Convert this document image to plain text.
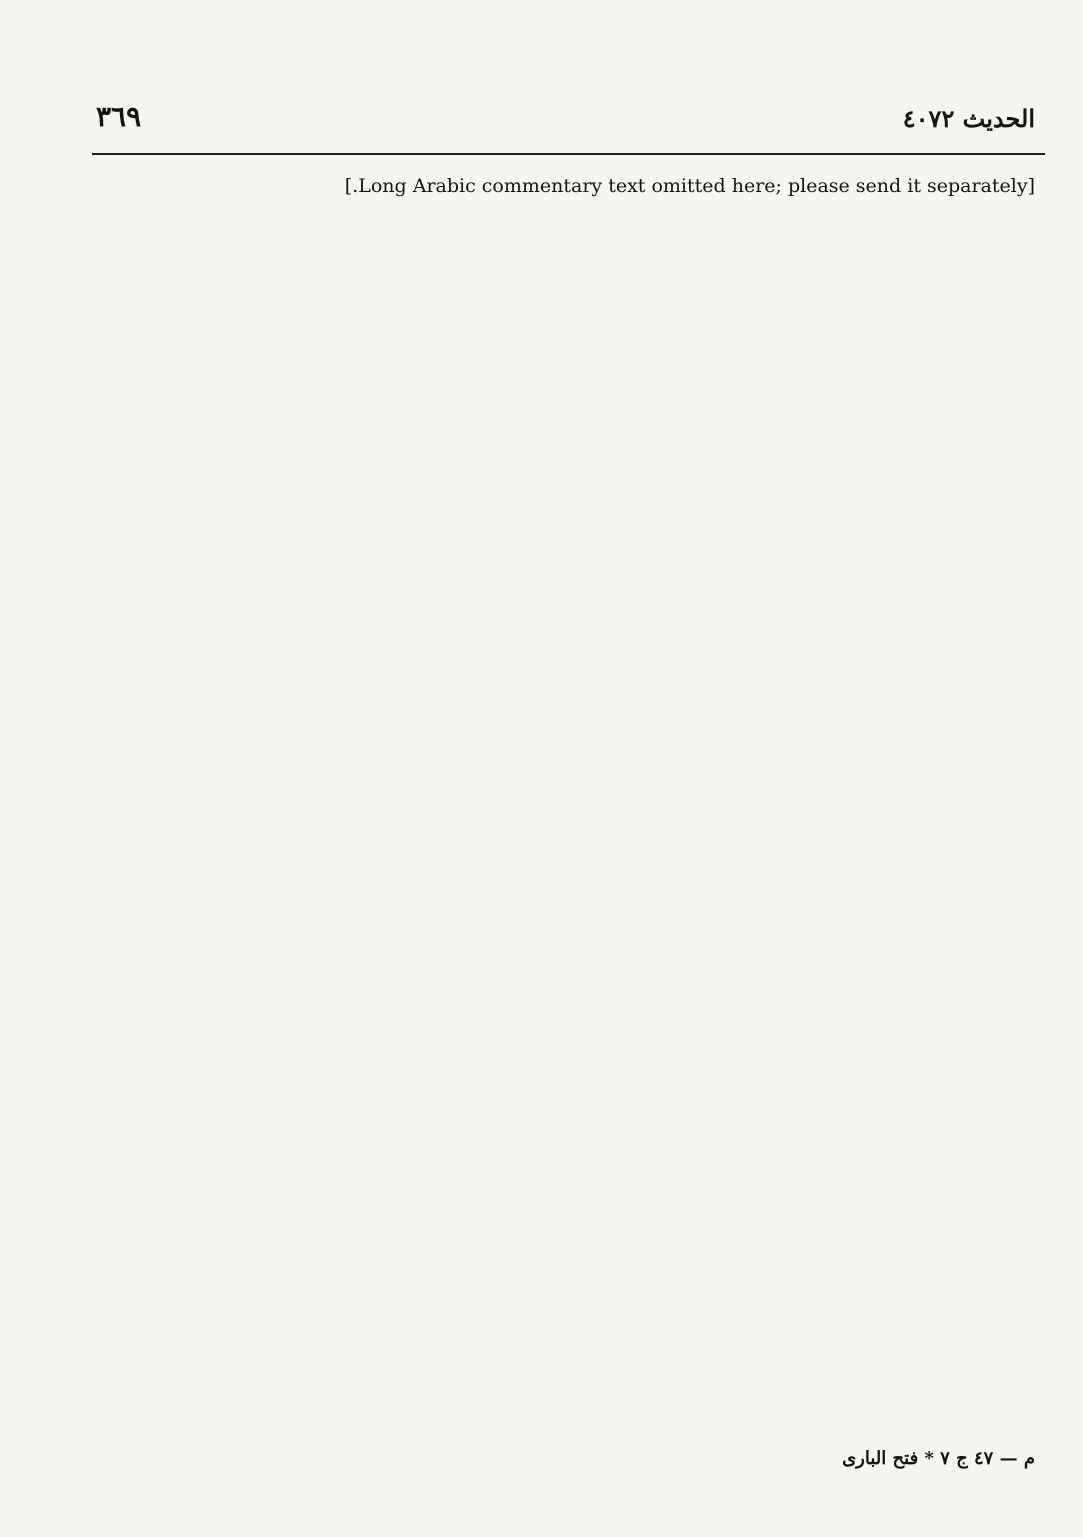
الحديث ٤٠٧٢
٣٦٩

[Long Arabic commentary text omitted here; please send it separately.]

م — ٤٧ ج ٧ * فتح البارى
